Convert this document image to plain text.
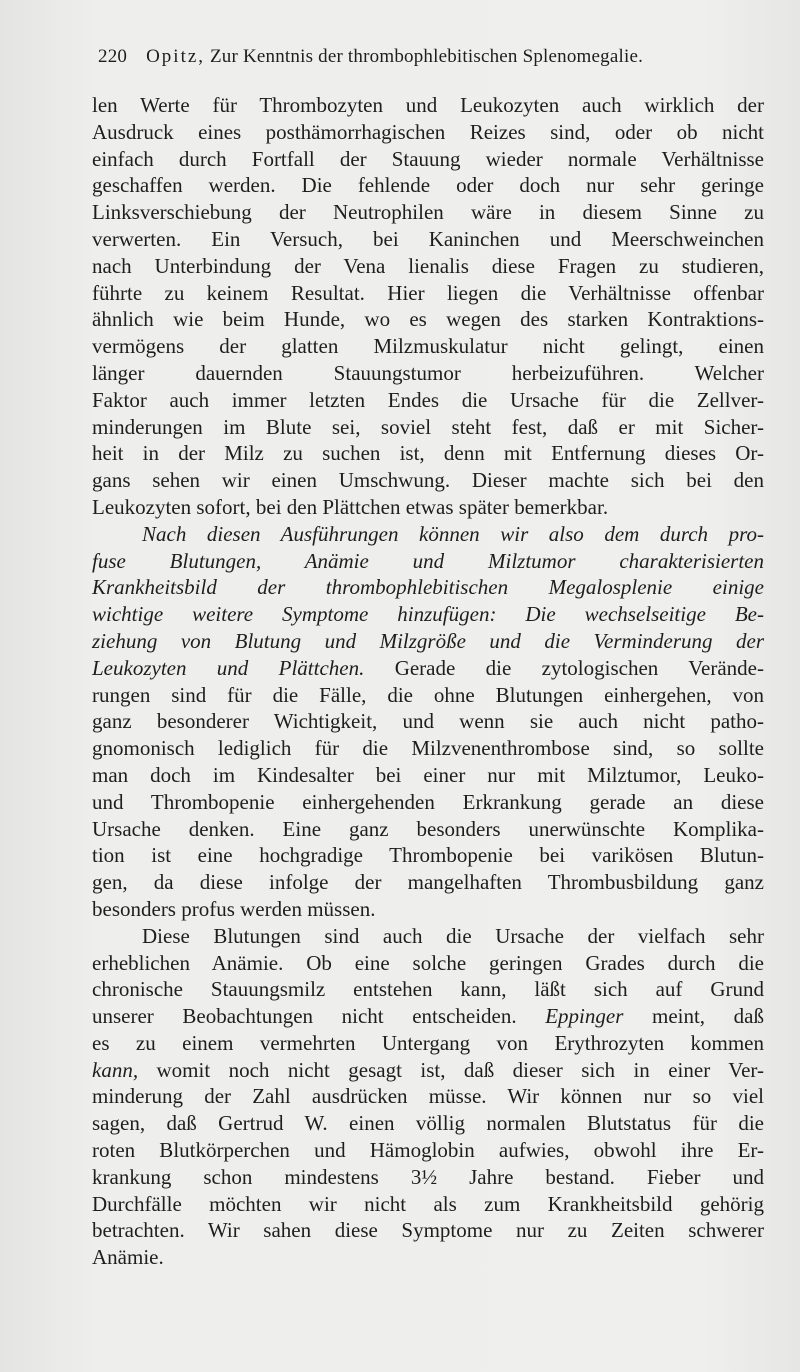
220 Opitz, Zur Kenntnis der thrombophlebitischen Splenomegalie.
len Werte für Thrombozyten und Leukozyten auch wirklich der
Ausdruck eines posthämorrhagischen Reizes sind, oder ob nicht
einfach durch Fortfall der Stauung wieder normale Verhältnisse
geschaffen werden. Die fehlende oder doch nur sehr geringe
Linksverschiebung der Neutrophilen wäre in diesem Sinne zu
verwerten. Ein Versuch, bei Kaninchen und Meerschweinchen
nach Unterbindung der Vena lienalis diese Fragen zu studieren,
führte zu keinem Resultat. Hier liegen die Verhältnisse offenbar
ähnlich wie beim Hunde, wo es wegen des starken Kontraktions-
vermögens der glatten Milzmuskulatur nicht gelingt, einen
länger dauernden Stauungstumor herbeizuführen. Welcher
Faktor auch immer letzten Endes die Ursache für die Zellver-
minderungen im Blute sei, soviel steht fest, daß er mit Sicher-
heit in der Milz zu suchen ist, denn mit Entfernung dieses Or-
gans sehen wir einen Umschwung. Dieser machte sich bei den
Leukozyten sofort, bei den Plättchen etwas später bemerkbar.
Nach diesen Ausführungen können wir also dem durch pro-
fuse Blutungen, Anämie und Milztumor charakterisierten
Krankheitsbild der thrombophlebitischen Megalosplenie einige
wichtige weitere Symptome hinzufügen: Die wechselseitige Be-
ziehung von Blutung und Milzgröße und die Verminderung der
Leukozyten und Plättchen. Gerade die zytologischen Verände-
rungen sind für die Fälle, die ohne Blutungen einhergehen, von
ganz besonderer Wichtigkeit, und wenn sie auch nicht patho-
gnomonisch lediglich für die Milzvenenthrombose sind, so sollte
man doch im Kindesalter bei einer nur mit Milztumor, Leuko-
und Thrombopenie einhergehenden Erkrankung gerade an diese
Ursache denken. Eine ganz besonders unerwünschte Komplika-
tion ist eine hochgradige Thrombopenie bei varikösen Blutun-
gen, da diese infolge der mangelhaften Thrombusbildung ganz
besonders profus werden müssen.
Diese Blutungen sind auch die Ursache der vielfach sehr
erheblichen Anämie. Ob eine solche geringen Grades durch die
chronische Stauungsmilz entstehen kann, läßt sich auf Grund
unserer Beobachtungen nicht entscheiden. Eppinger meint, daß
es zu einem vermehrten Untergang von Erythrozyten kommen
kann, womit noch nicht gesagt ist, daß dieser sich in einer Ver-
minderung der Zahl ausdrücken müsse. Wir können nur so viel
sagen, daß Gertrud W. einen völlig normalen Blutstatus für die
roten Blutkörperchen und Hämoglobin aufwies, obwohl ihre Er-
krankung schon mindestens 3½ Jahre bestand. Fieber und
Durchfälle möchten wir nicht als zum Krankheitsbild gehörig
betrachten. Wir sahen diese Symptome nur zu Zeiten schwerer
Anämie.
